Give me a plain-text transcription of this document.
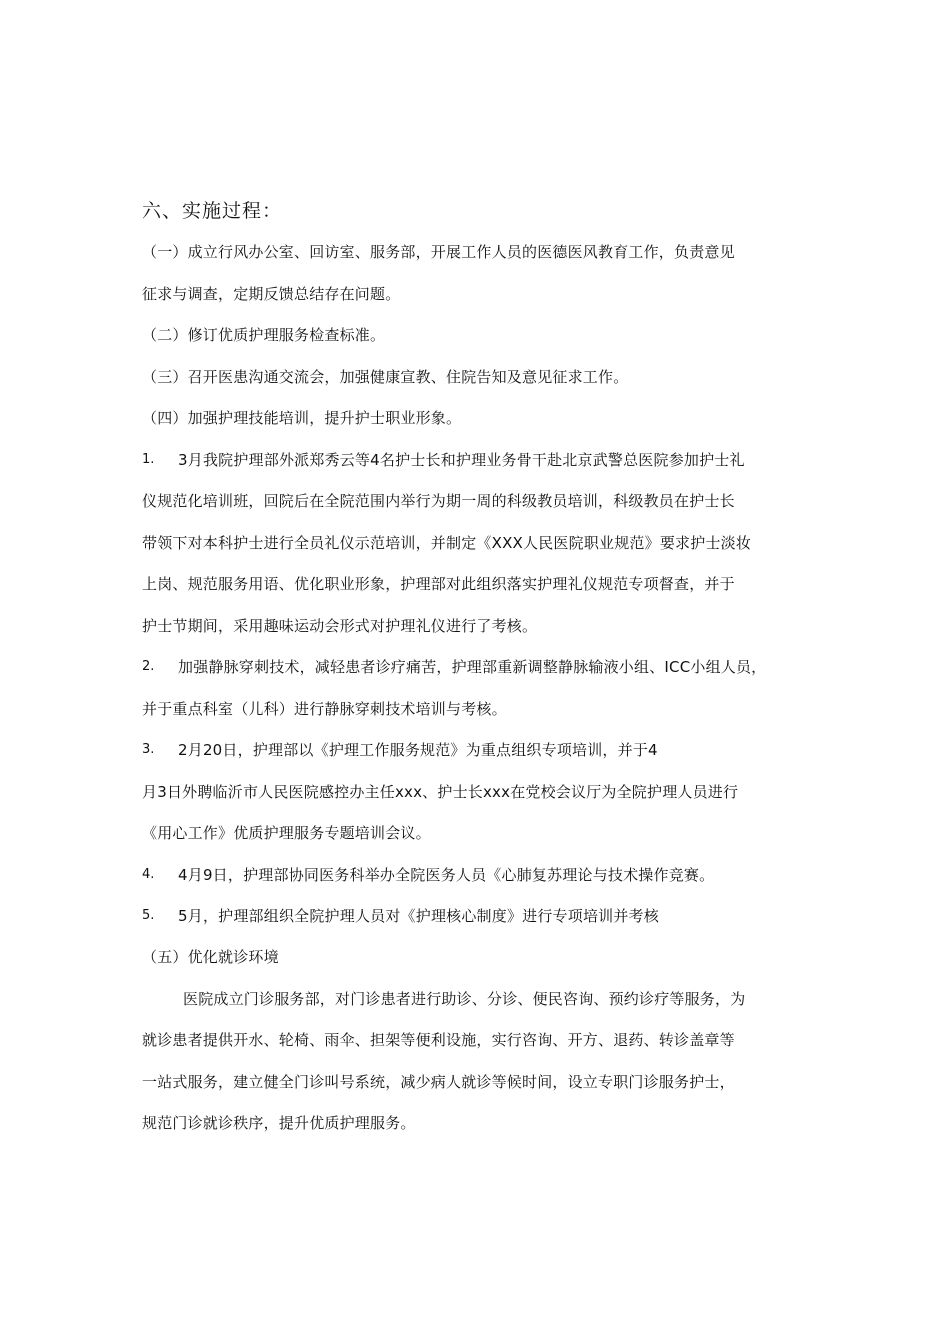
六、实施过程：
（一）成立行风办公室、回访室、服务部，开展工作人员的医德医风教育工作，负责意见
征求与调查，定期反馈总结存在问题。
（二）修订优质护理服务检查标准。
（三）召开医患沟通交流会，加强健康宣教、住院告知及意见征求工作。
（四）加强护理技能培训，提升护士职业形象。
1. 3月我院护理部外派郑秀云等4名护士长和护理业务骨干赴北京武警总医院参加护士礼
仪规范化培训班，回院后在全院范围内举行为期一周的科级教员培训，科级教员在护士长
带领下对本科护士进行全员礼仪示范培训，并制定《XXX人民医院职业规范》要求护士淡妆
上岗、规范服务用语、优化职业形象，护理部对此组织落实护理礼仪规范专项督查，并于
护士节期间，采用趣味运动会形式对护理礼仪进行了考核。
2. 加强静脉穿刺技术，减轻患者诊疗痛苦，护理部重新调整静脉输液小组、ICC小组人员，
并于重点科室（儿科）进行静脉穿刺技术培训与考核。
3. 2月20日，护理部以《护理工作服务规范》为重点组织专项培训，并于4
月3日外聘临沂市人民医院感控办主任xxx、护士长xxx在党校会议厅为全院护理人员进行
《用心工作》优质护理服务专题培训会议。
4. 4月9日，护理部协同医务科举办全院医务人员《心肺复苏理论与技术操作竞赛。
5. 5月，护理部组织全院护理人员对《护理核心制度》进行专项培训并考核
（五）优化就诊环境
医院成立门诊服务部，对门诊患者进行助诊、分诊、便民咨询、预约诊疗等服务，为
就诊患者提供开水、轮椅、雨伞、担架等便利设施，实行咨询、开方、退药、转诊盖章等
一站式服务，建立健全门诊叫号系统，减少病人就诊等候时间，设立专职门诊服务护士，
规范门诊就诊秩序，提升优质护理服务。
